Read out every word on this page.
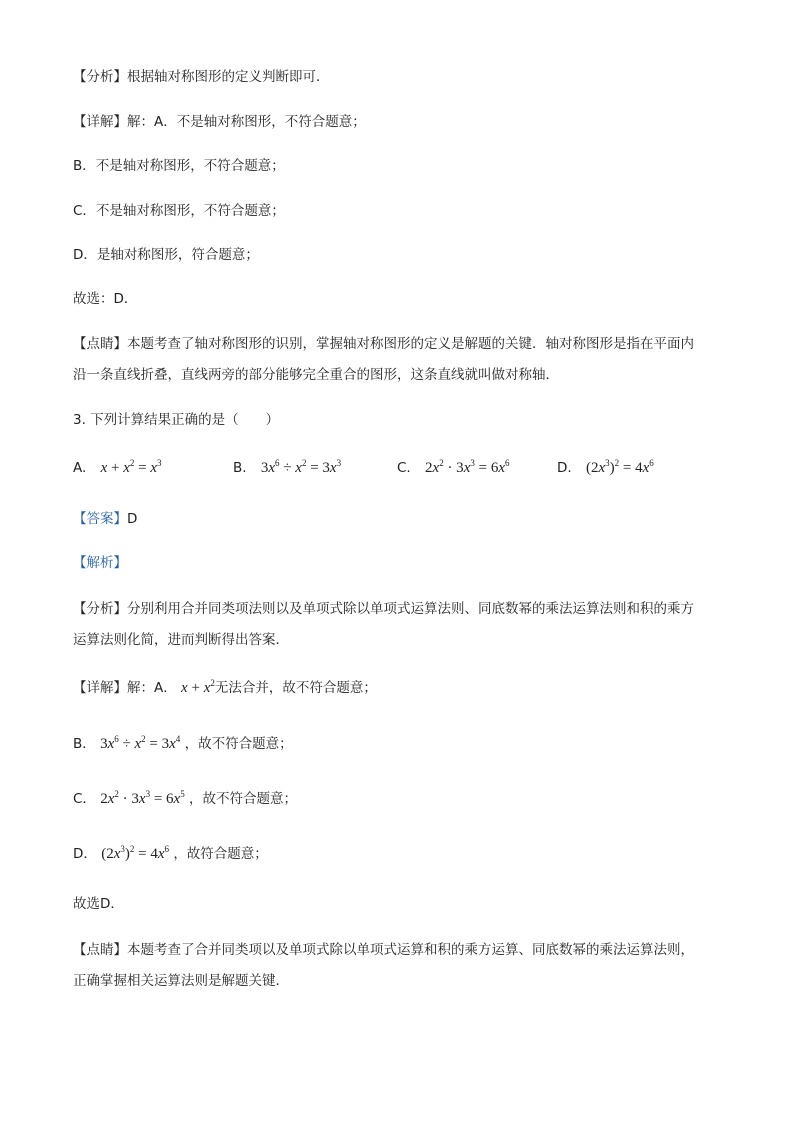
【分析】根据轴对称图形的定义判断即可．
【详解】解：A．不是轴对称图形，不符合题意；
B．不是轴对称图形，不符合题意；
C．不是轴对称图形，不符合题意；
D．是轴对称图形，符合题意；
故选：D．
【点睛】本题考查了轴对称图形的识别，掌握轴对称图形的定义是解题的关键．轴对称图形是指在平面内
沿一条直线折叠，直线两旁的部分能够完全重合的图形，这条直线就叫做对称轴．
3. 下列计算结果正确的是（　　）
A. $x + x^2 = x^3$	B. $3x^6 \div x^2 = 3x^3$	C. $2x^2 \cdot 3x^3 = 6x^6$	D. $(2x^3)^2 = 4x^6$
【答案】D
【解析】
【分析】分别利用合并同类项法则以及单项式除以单项式运算法则、同底数幂的乘法运算法则和积的乘方
运算法则化简，进而判断得出答案．
【详解】解：A． $x + x^2$无法合并，故不符合题意；
B． $3x^6 \div x^2 = 3x^4$ ，故不符合题意；
C． $2x^2 \cdot 3x^3 = 6x^5$ ，故不符合题意；
D． $(2x^3)^2 = 4x^6$ ，故符合题意；
故选D．
【点睛】本题考查了合并同类项以及单项式除以单项式运算和积的乘方运算、同底数幂的乘法运算法则，
正确掌握相关运算法则是解题关键．
